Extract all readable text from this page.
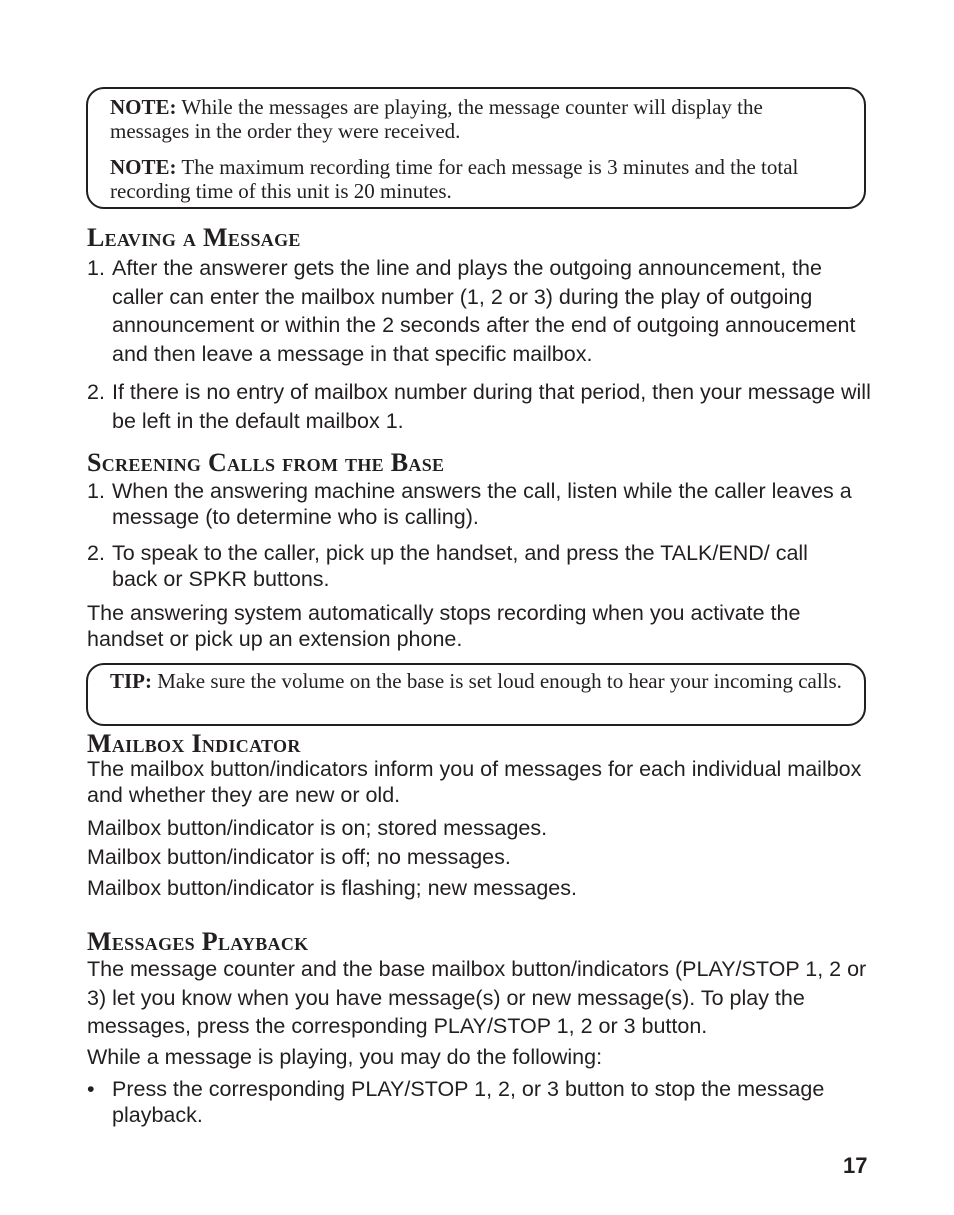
NOTE: While the messages are playing, the message counter will display the messages in the order they were received.

NOTE: The maximum recording time for each message is 3 minutes and the total recording time of this unit is 20 minutes.

Leaving a Message
1. After the answerer gets the line and plays the outgoing announcement, the caller can enter the mailbox number (1, 2 or 3) during the play of outgoing announcement or within the 2 seconds after the end of outgoing annoucement and then leave a message in that specific mailbox.
2. If there is no entry of mailbox number during that period, then your message will be left in the default mailbox 1.
Screening Calls from the Base
1. When the answering machine answers the call, listen while the caller leaves a message (to determine who is calling).
2. To speak to the caller, pick up the handset, and press the TALK/END/ call back or SPKR buttons.
The answering system automatically stops recording when you activate the handset or pick up an extension phone.

TIP: Make sure the volume on the base is set loud enough to hear your incoming calls.

Mailbox Indicator
The mailbox button/indicators inform you of messages for each individual mailbox and whether they are new or old.
Mailbox button/indicator is on; stored messages.
Mailbox button/indicator is off; no messages.
Mailbox button/indicator is flashing; new messages.
Messages Playback
The message counter and the base mailbox button/indicators (PLAY/STOP 1, 2 or 3) let you know when you have message(s) or new message(s). To play the messages, press the corresponding PLAY/STOP 1, 2 or 3 button.
While a message is playing, you may do the following:
• Press the corresponding PLAY/STOP 1, 2, or 3 button to stop the message playback.
17
